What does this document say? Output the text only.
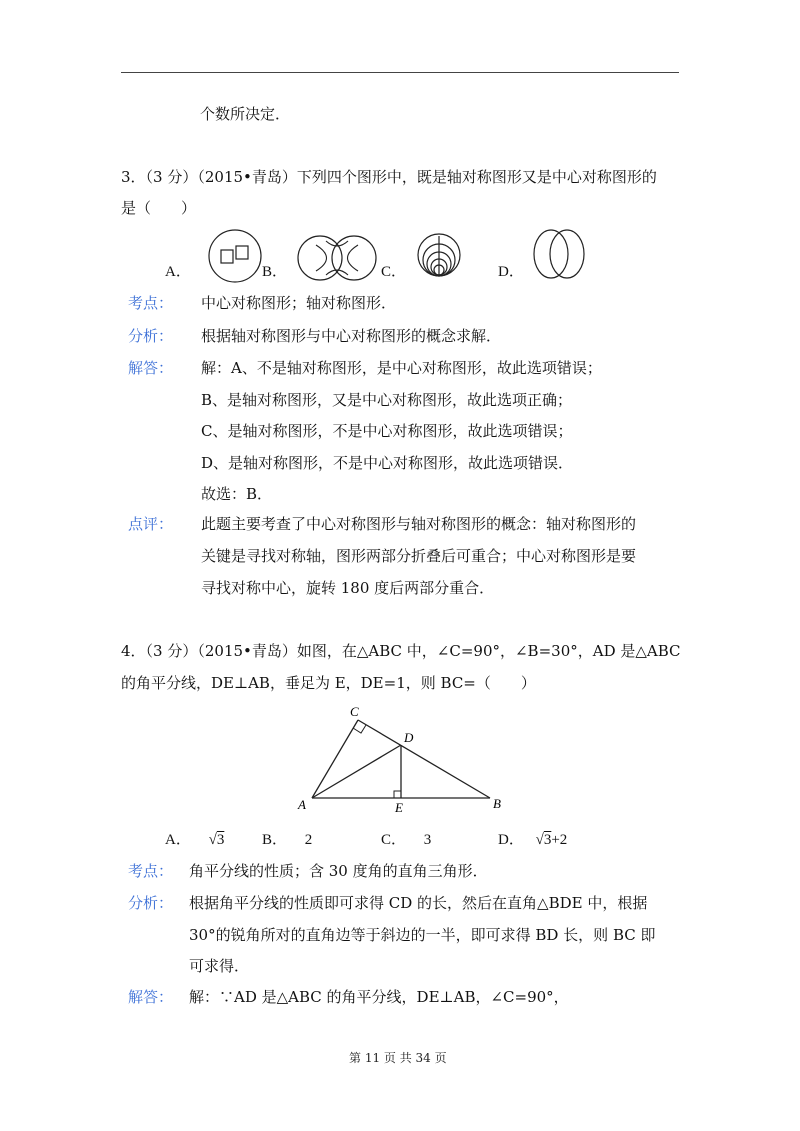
个数所决定．
3．（3 分）（2015•青岛）下列四个图形中，既是轴对称图形又是中心对称图形的
是（　　）
A．	B．	C．	D．
考点： 中心对称图形；轴对称图形．
分析： 根据轴对称图形与中心对称图形的概念求解．
解答： 解：A、不是轴对称图形，是中心对称图形，故此选项错误；
B、是轴对称图形，又是中心对称图形，故此选项正确；
C、是轴对称图形，不是中心对称图形，故此选项错误；
D、是轴对称图形，不是中心对称图形，故此选项错误．
故选：B．
点评： 此题主要考查了中心对称图形与轴对称图形的概念：轴对称图形的
关键是寻找对称轴，图形两部分折叠后可重合；中心对称图形是要
寻找对称中心，旋转 180 度后两部分重合．
4．（3 分）（2015•青岛）如图，在△ABC 中，∠C=90°，∠B=30°，AD 是△ABC
的角平分线，DE⊥AB，垂足为 E，DE=1，则 BC=（　　）
C
D
A	E	B
A． √3	B． 2	C． 3	D． √3+2
考点： 角平分线的性质；含 30 度角的直角三角形．
分析： 根据角平分线的性质即可求得 CD 的长，然后在直角△BDE 中，根据
30°的锐角所对的直角边等于斜边的一半，即可求得 BD 长，则 BC 即
可求得．
解答： 解：∵AD 是△ABC 的角平分线，DE⊥AB，∠C=90°，
第 11 页 共 34 页
